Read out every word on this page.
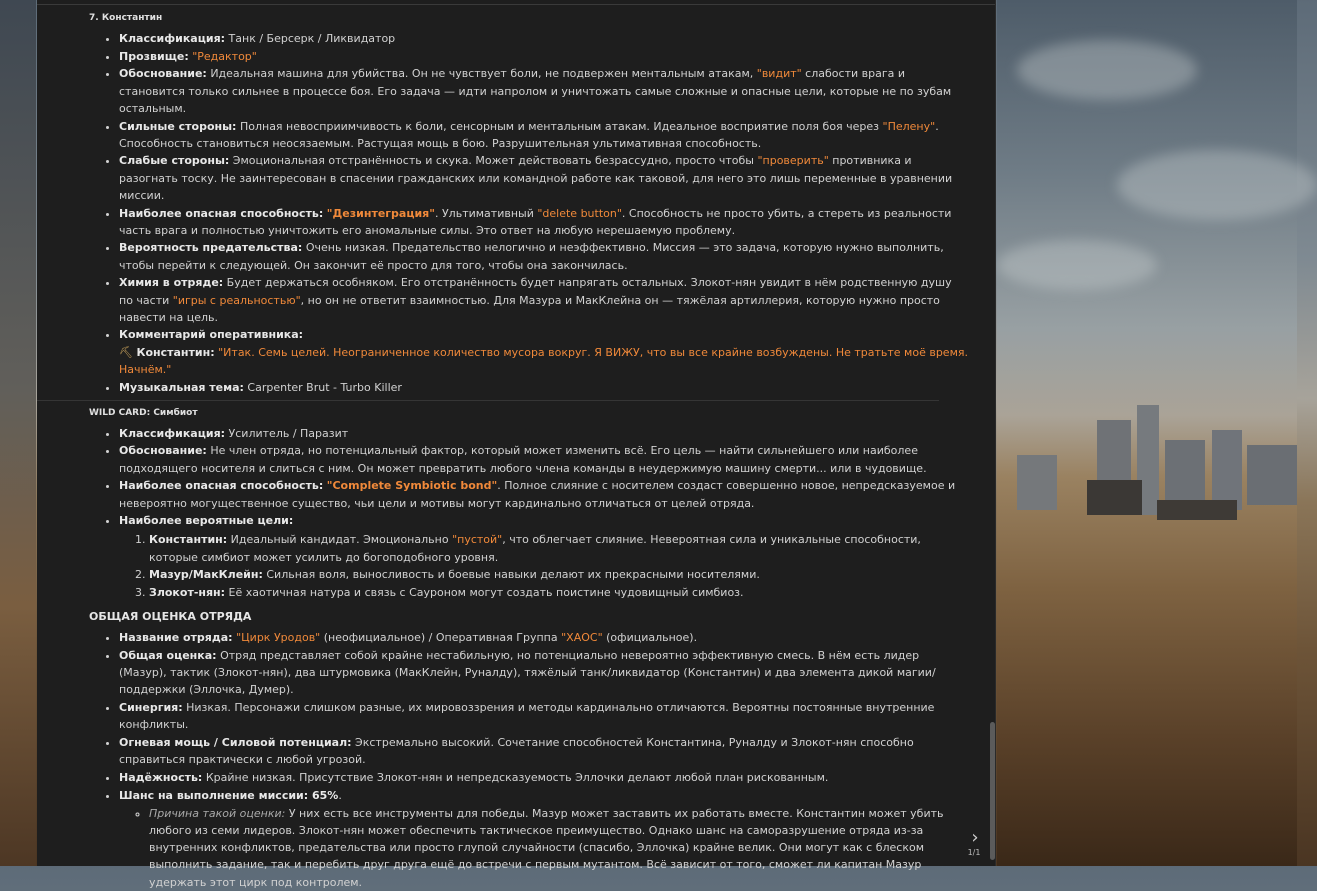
7. Константин
• Классификация: Танк / Берсерк / Ликвидатор
• Прозвище: "Редактор"
• Обоснование: Идеальная машина для убийства. Он не чувствует боли, не подвержен ментальным атакам, "видит" слабости врага и становится только сильнее в процессе боя. Его задача — идти напролом и уничтожать самые сложные и опасные цели, которые не по зубам остальным.
• Сильные стороны: Полная невосприимчивость к боли, сенсорным и ментальным атакам. Идеальное восприятие поля боя через "Пелену". Способность становиться неосязаемым. Растущая мощь в бою. Разрушительная ультимативная способность.
• Слабые стороны: Эмоциональная отстранённость и скука. Может действовать безрассудно, просто чтобы "проверить" противника и разогнать тоску. Не заинтересован в спасении гражданских или командной работе как таковой, для него это лишь переменные в уравнении миссии.
• Наиболее опасная способность: "Дезинтеграция". Ультимативный "delete button". Способность не просто убить, а стереть из реальности часть врага и полностью уничтожить его аномальные силы. Это ответ на любую нерешаемую проблему.
• Вероятность предательства: Очень низкая. Предательство нелогично и неэффективно. Миссия — это задача, которую нужно выполнить, чтобы перейти к следующей. Он закончит её просто для того, чтобы она закончилась.
• Химия в отряде: Будет держаться особняком. Его отстранённость будет напрягать остальных. Злокот-нян увидит в нём родственную душу по части "игры с реальностью", но он не ответит взаимностью. Для Мазура и МакКлейна он — тяжёлая артиллерия, которую нужно просто навести на цель.
• Комментарий оперативника:
⛏ Константин: "Итак. Семь целей. Неограниченное количество мусора вокруг. Я ВИЖУ, что вы все крайне возбуждены. Не тратьте моё время. Начнём."
• Музыкальная тема: Carpenter Brut - Turbo Killer
WILD CARD: Симбиот
• Классификация: Усилитель / Паразит
• Обоснование: Не член отряда, но потенциальный фактор, который может изменить всё. Его цель — найти сильнейшего или наиболее подходящего носителя и слиться с ним. Он может превратить любого члена команды в неудержимую машину смерти... или в чудовище.
• Наиболее опасная способность: "Complete Symbiotic bond". Полное слияние с носителем создаст совершенно новое, непредсказуемое и невероятно могущественное существо, чьи цели и мотивы могут кардинально отличаться от целей отряда.
• Наиболее вероятные цели:
1. Константин: Идеальный кандидат. Эмоционально "пустой", что облегчает слияние. Невероятная сила и уникальные способности, которые симбиот может усилить до богоподобного уровня.
2. Мазур/МакКлейн: Сильная воля, выносливость и боевые навыки делают их прекрасными носителями.
3. Злокот-нян: Её хаотичная натура и связь с Сауроном могут создать поистине чудовищный симбиоз.
ОБЩАЯ ОЦЕНКА ОТРЯДА
• Название отряда: "Цирк Уродов" (неофициальное) / Оперативная Группа "ХАОС" (официальное).
• Общая оценка: Отряд представляет собой крайне нестабильную, но потенциально невероятно эффективную смесь. В нём есть лидер (Мазур), тактик (Злокот-нян), два штурмовика (МакКлейн, Руналду), тяжёлый танк/ликвидатор (Константин) и два элемента дикой магии/поддержки (Эллочка, Думер).
• Синергия: Низкая. Персонажи слишком разные, их мировоззрения и методы кардинально отличаются. Вероятны постоянные внутренние конфликты.
• Огневая мощь / Силовой потенциал: Экстремально высокий. Сочетание способностей Константина, Руналду и Злокот-нян способно справиться практически с любой угрозой.
• Надёжность: Крайне низкая. Присутствие Злокот-нян и непредсказуемость Эллочки делают любой план рискованным.
• Шанс на выполнение миссии: 65%.
◦ Причина такой оценки: У них есть все инструменты для победы. Мазур может заставить их работать вместе. Константин может убить любого из семи лидеров. Злокот-нян может обеспечить тактическое преимущество. Однако шанс на саморазрушение отряда из-за внутренних конфликтов, предательства или просто глупой случайности (спасибо, Эллочка) крайне велик. Они могут как с блеском выполнить задание, так и перебить друг друга ещё до встречи с первым мутантом. Всё зависит от того, сможет ли капитан Мазур удержать этот цирк под контролем.
›
1/1
